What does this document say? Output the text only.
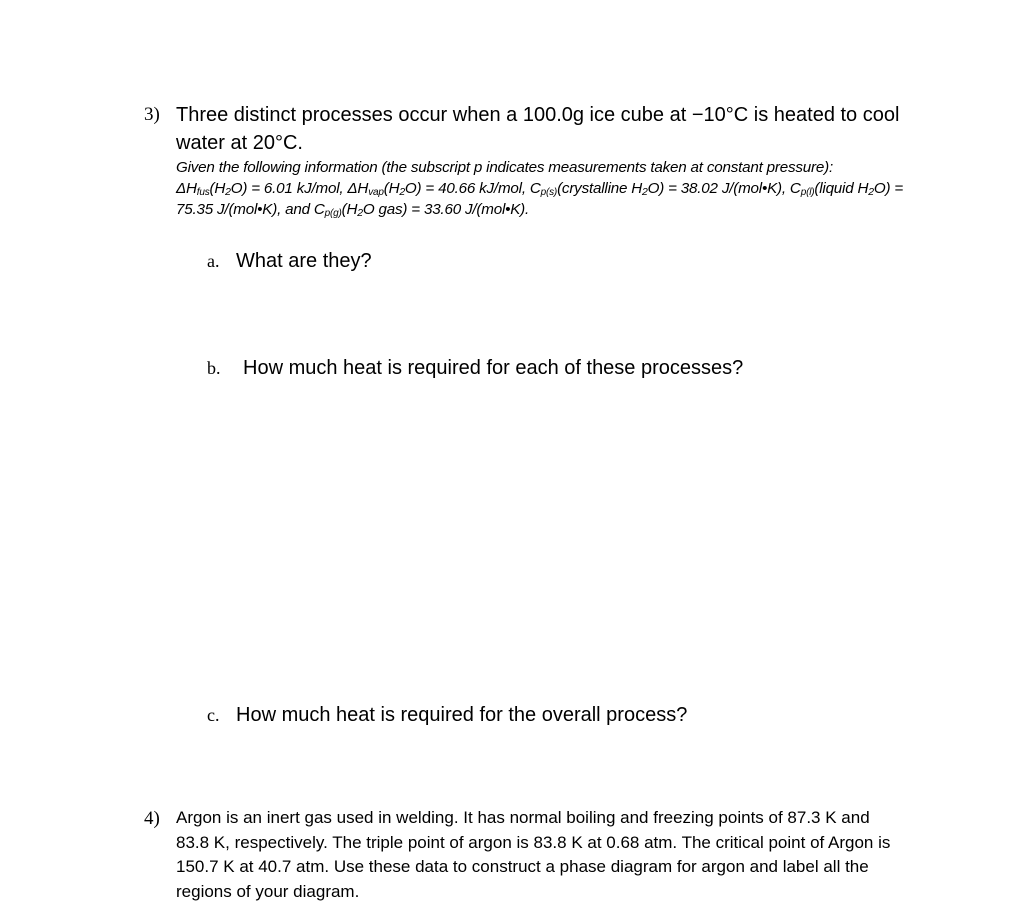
3) Three distinct processes occur when a 100.0g ice cube at −10°C is heated to cool water at 20°C.
Given the following information (the subscript p indicates measurements taken at constant pressure): $\Delta H_{fus}(H_2O) = 6.01$ kJ/mol, $\Delta H_{vap}(H_2O) = 40.66$ kJ/mol, $C_{p(s)}(crystalline$ H₂O) = 38.02 J/(mol•K), $C_{p(l)}(liquid$ H₂O) = 75.35 J/(mol•K), and $C_{p(g)}(H_2O$ gas) = 33.60 J/(mol•K).
a. What are they?
b. How much heat is required for each of these processes?
c. How much heat is required for the overall process?
4) Argon is an inert gas used in welding. It has normal boiling and freezing points of 87.3 K and 83.8 K, respectively. The triple point of argon is 83.8 K at 0.68 atm. The critical point of Argon is 150.7 K at 40.7 atm. Use these data to construct a phase diagram for argon and label all the regions of your diagram.
